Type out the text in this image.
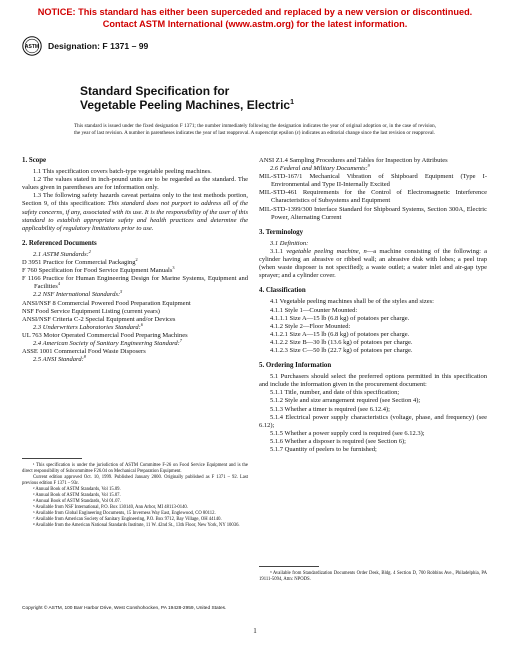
NOTICE: This standard has either been superceded and replaced by a new version or discontinued.
Contact ASTM International (www.astm.org) for the latest information.
ASTM Designation: F 1371 – 99
Standard Specification for
Vegetable Peeling Machines, Electric$^1$
This standard is issued under the fixed designation F 1371; the number immediately following the designation indicates the year of original adoption or, in the case of revision, the year of last revision. A number in parentheses indicates the year of last reapproval. A superscript epsilon (ε) indicates an editorial change since the last revision or reapproval.
1. Scope

1.1 This specification covers batch-type vegetable peeling machines.

1.2 The values stated in inch-pound units are to be regarded as the standard. The values given in parentheses are for information only.

1.3 The following safety hazards caveat pertains only to the test methods portion, Section 9, of this specification: This standard does not purport to address all of the safety concerns, if any, associated with its use. It is the responsibility of the user of this standard to establish appropriate safety and health practices and determine the applicability of regulatory limitations prior to use.

2. Referenced Documents

2.1 ASTM Standards:$^2$

D 3951 Practice for Commercial Packaging$^2$

F 760 Specification for Food Service Equipment Manuals$^3$

F 1166 Practice for Human Engineering Design for Marine Systems, Equipment and Facilities$^4$

2.2 NSF International Standards:$^5$

ANSI/NSF 8 Commercial Powered Food Preparation Equipment

NSF Food Service Equipment Listing (current years)

ANSI/NSF Criteria C-2 Special Equipment and/or Devices

2.3 Underwriters Laboratories Standard:$^6$

UL 763 Motor Operated Commercial Food Preparing Machines

2.4 American Society of Sanitary Engineering Standard:$^7$

ASSE 1001 Commercial Food Waste Disposers

2.5 ANSI Standard:$^8$

¹ This specification is under the jurisdiction of ASTM Committee F-26 on Food Service Equipment and is the direct responsibility of Subcommittee F26.04 on Mechanical Preparation Equipment.

Current edition approved Oct. 10, 1999. Published January 2000. Originally published as F 1371 – 92. Last previous edition F 1371 – 93ε.

² Annual Book of ASTM Standards, Vol 15.09.

³ Annual Book of ASTM Standards, Vol 15.07.

⁴ Annual Book of ASTM Standards, Vol 01.07.

⁵ Available from NSF International, P.O. Box 130140, Ann Arbor, MI 48113-0140.

⁶ Available from Global Engineering Documents, 15 Inverness Way East, Englewood, CO 80112.

⁷ Available from American Society of Sanitary Engineering, P.O. Box 9712, Bay Village, OH 44140.

⁸ Available from the American National Standards Institute, 11 W. 42nd St., 13th Floor, New York, NY 10036.

ANSI Z1.4 Sampling Procedures and Tables for Inspection by Attributes

2.6 Federal and Military Documents:$^9$

MIL-STD-167/1 Mechanical Vibration of Shipboard Equipment (Type I-Environmental and Type II-Internally Excited

MIL-STD-461 Requirements for the Control of Electromagnetic Interference Characteristics of Subsystems and Equipment

MIL-STD-1399/300 Interface Standard for Shipboard Systems, Section 300A, Electric Power, Alternating Current

3. Terminology

3.1 Definition:

3.1.1 vegetable peeling machine, n—a machine consisting of the following: a cylinder having an abrasive or ribbed wall; an abrasive disk with lobes; a peel trap (when waste disposer is not specified); a waste outlet; a water inlet and air-gap type sprayer; and a cylinder cover.

4. Classification

4.1 Vegetable peeling machines shall be of the styles and sizes:

4.1.1 Style 1—Counter Mounted:

4.1.1.1 Size A—15 lb (6.8 kg) of potatoes per charge.

4.1.2 Style 2—Floor Mounted:

4.1.2.1 Size A—15 lb (6.8 kg) of potatoes per charge.

4.1.2.2 Size B—30 lb (13.6 kg) of potatoes per charge.

4.1.2.3 Size C—50 lb (22.7 kg) of potatoes per charge.

5. Ordering Information

5.1 Purchasers should select the preferred options permitted in this specification and include the information given in the procurement document:

5.1.1 Title, number, and date of this specification;

5.1.2 Style and size arrangement required (see Section 4);

5.1.3 Whether a timer is required (see 6.12.4);

5.1.4 Electrical power supply characteristics (voltage, phase, and frequency) (see 6.12);

5.1.5 Whether a power supply cord is required (see 6.12.3);

5.1.6 Whether a disposer is required (see Section 6);

5.1.7 Quantity of peelers to be furnished;

⁹ Available from Standardization Documents Order Desk, Bldg. 4 Section D, 700 Robbins Ave., Philadelphia, PA 19111-5094, Attn: NPODS.

Copyright © ASTM, 100 Barr Harbor Drive, West Conshohocken, PA 19428-2959, United States.
1
